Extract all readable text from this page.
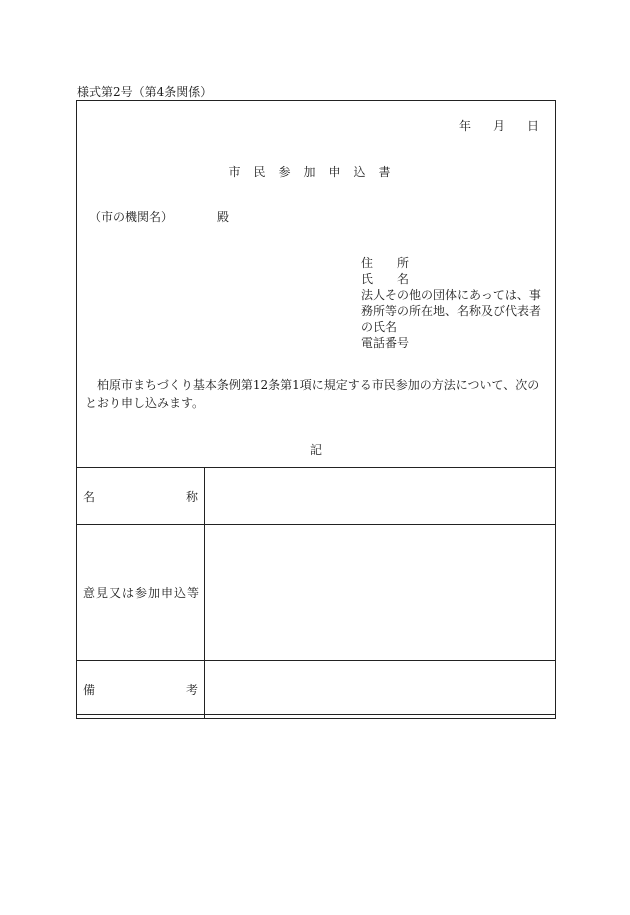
様式第2号（第4条関係）
年 月 日
市民参加申込書
（市の機関名）	殿
住 所
氏 名
法人その他の団体にあっては、事務所等の所在地、名称及び代表者の氏名
電話番号
柏原市まちづくり基本条例第12条第1項に規定する市民参加の方法について、次のとおり申し込みます。
記
名 称	

意見又は参加申込等	

備 考	
